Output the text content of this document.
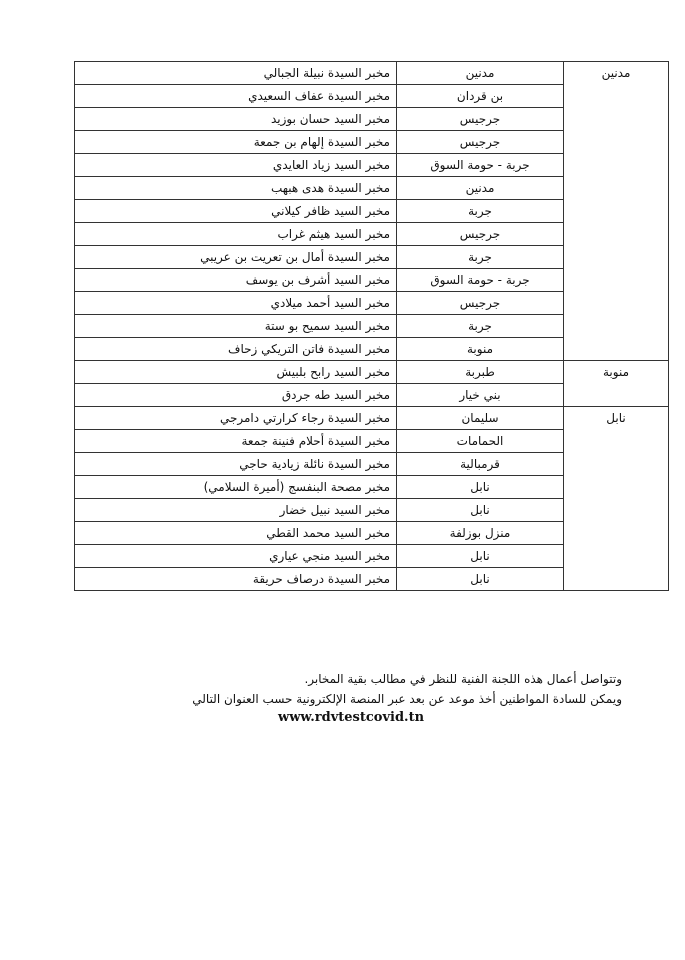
مدنين	مدنين	مخبر السيدة نبيلة الجبالي
	بن قردان	مخبر السيدة عفاف السعيدي
	جرجيس	مخبر السيد حسان بوزيد
	جرجيس	مخبر السيدة إلهام بن جمعة
	جربة - حومة السوق	مخبر السيد زياد العايدي
	مدنين	مخبر السيدة هدى هبهب
	جربة	مخبر السيد ظافر كيلاني
	جرجيس	مخبر السيد هيثم غراب
	جربة	مخبر السيدة أمال بن تعريت بن عريبي
	جربة - حومة السوق	مخبر السيد أشرف بن يوسف
	جرجيس	مخبر السيد أحمد ميلادي
	جربة	مخبر السيد سميح بو ستة
	منوبة	مخبر السيدة فاتن التريكي زحاف
منوبة	طبربة	مخبر السيد رابح بلبيش
	بني خيار	مخبر السيد طه جردق
نابل	سليمان	مخبر السيدة رجاء كرارتي دامرجي
	الحمامات	مخبر السيدة أحلام فنينة جمعة
	قرمبالية	مخبر السيدة نائلة زيادية حاجي
	نابل	مخبر مصحة البنفسج (أميرة السلامي)
	نابل	مخبر السيد نبيل خضار
	منزل بوزلفة	مخبر السيد محمد القطي
	نابل	مخبر السيد منجي عياري
	نابل	مخبر السيدة درصاف حريقة
وتتواصل أعمال هذه اللجنة الفنية للنظر في مطالب بقية المخابر.
ويمكن للسادة المواطنين أخذ موعد عن بعد عبر المنصة الإلكترونية حسب العنوان التالي
www.rdvtestcovid.tn
